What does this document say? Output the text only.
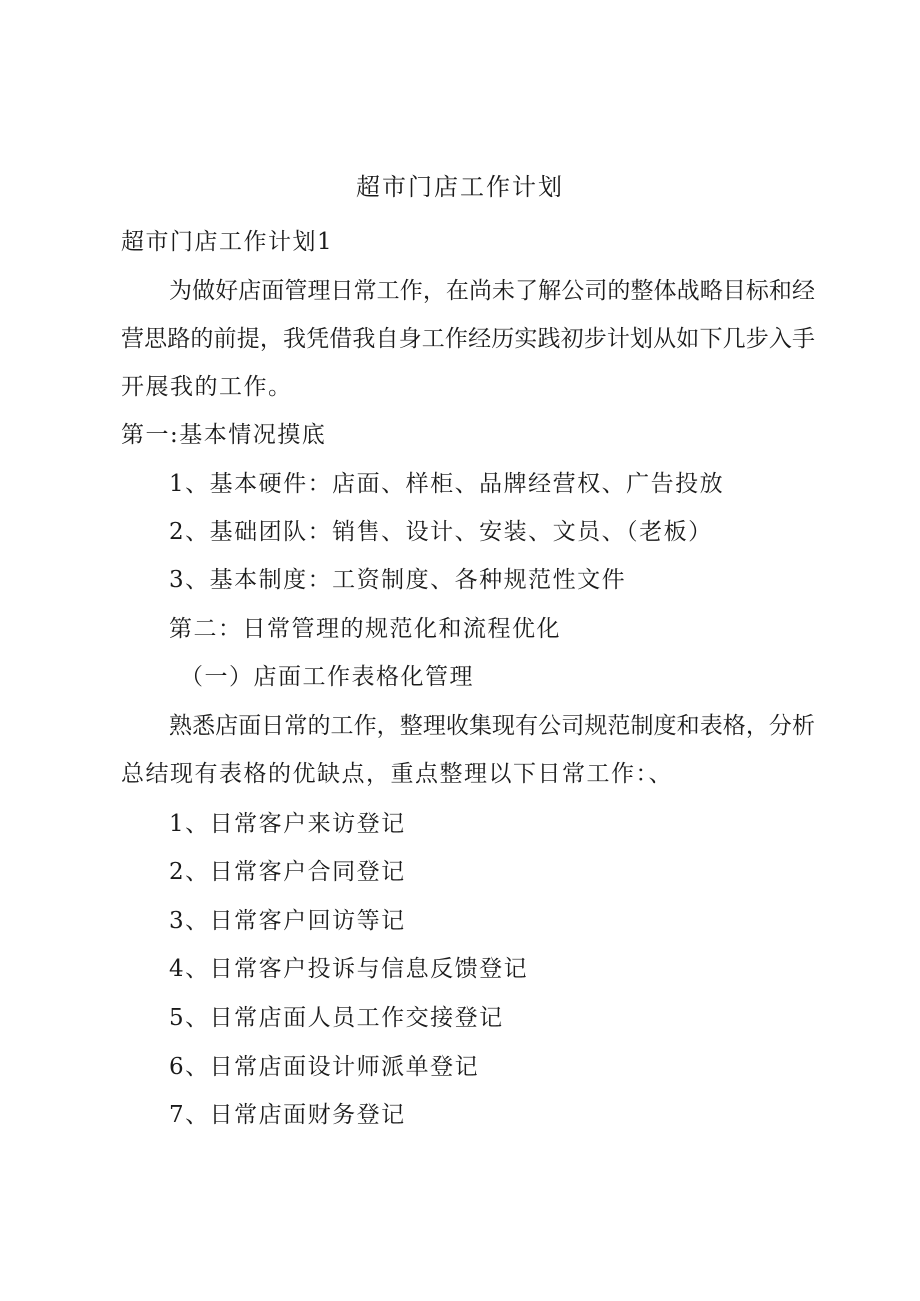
超市门店工作计划
超市门店工作计划1
为做好店面管理日常工作，在尚未了解公司的整体战略目标和经
营思路的前提，我凭借我自身工作经历实践初步计划从如下几步入手
开展我的工作。
第一:基本情况摸底
1、基本硬件：店面、样柜、品牌经营权、广告投放
2、基础团队：销售、设计、安装、文员、（老板）
3、基本制度：工资制度、各种规范性文件
第二：日常管理的规范化和流程优化
（一）店面工作表格化管理
熟悉店面日常的工作，整理收集现有公司规范制度和表格，分析
总结现有表格的优缺点，重点整理以下日常工作：、
1、日常客户来访登记
2、日常客户合同登记
3、日常客户回访等记
4、日常客户投诉与信息反馈登记
5、日常店面人员工作交接登记
6、日常店面设计师派单登记
7、日常店面财务登记
